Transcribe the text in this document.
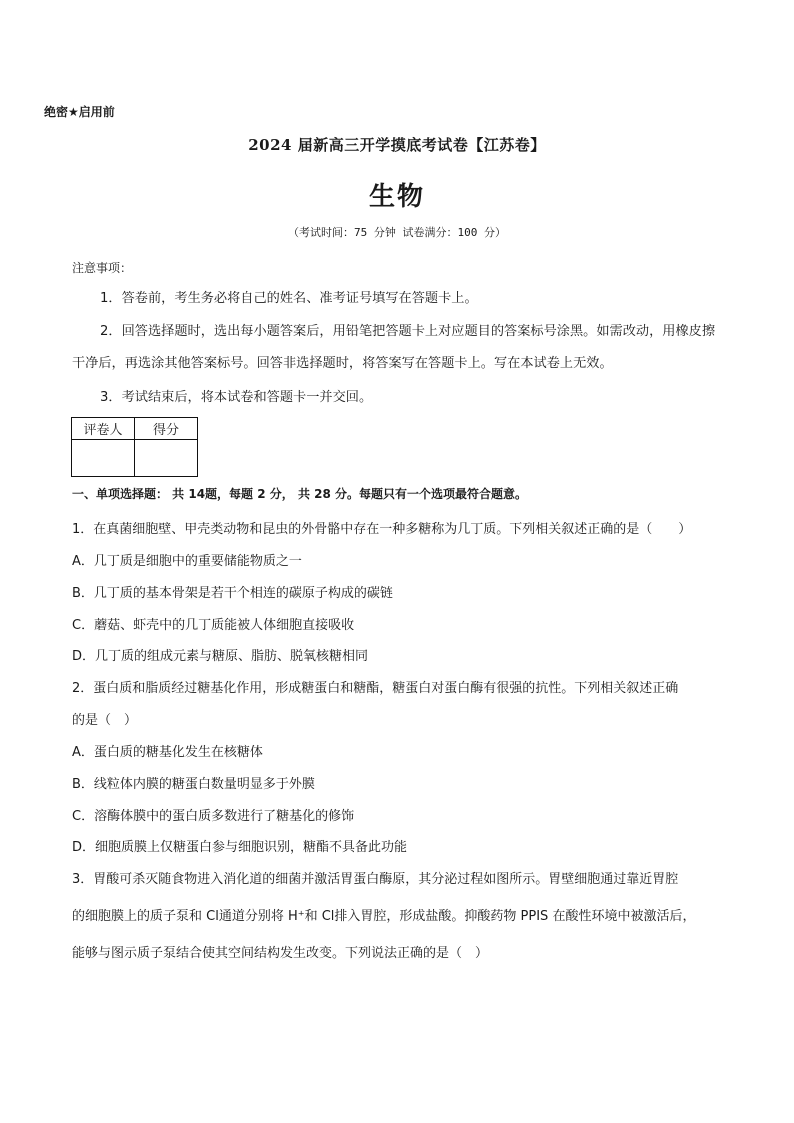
绝密★启用前
2024 届新高三开学摸底考试卷【江苏卷】
生物
（考试时间：75 分钟 试卷满分：100 分）
注意事项：

1．答卷前，考生务必将自己的姓名、准考证号填写在答题卡上。

2．回答选择题时，选出每小题答案后，用铅笔把答题卡上对应题目的答案标号涂黑。如需改动，用橡皮擦干净后，再选涂其他答案标号。回答非选择题时，将答案写在答题卡上。写在本试卷上无效。

3．考试结束后，将本试卷和答题卡一并交回。

评卷人	得分

一、单项选择题： 共 14题，每题 2 分， 共 28 分。每题只有一个选项最符合题意。
1．在真菌细胞壁、甲壳类动物和昆虫的外骨骼中存在一种多糖称为几丁质。下列相关叙述正确的是（　　）
A．几丁质是细胞中的重要储能物质之一
B．几丁质的基本骨架是若干个相连的碳原子构成的碳链
C．蘑菇、虾壳中的几丁质能被人体细胞直接吸收
D．几丁质的组成元素与糖原、脂肪、脱氧核糖相同
2．蛋白质和脂质经过糖基化作用，形成糖蛋白和糖酯，糖蛋白对蛋白酶有很强的抗性。下列相关叙述正确
的是（　）
A．蛋白质的糖基化发生在核糖体
B．线粒体内膜的糖蛋白数量明显多于外膜
C．溶酶体膜中的蛋白质多数进行了糖基化的修饰
D．细胞质膜上仅糖蛋白参与细胞识别，糖酯不具备此功能
3．胃酸可杀灭随食物进入消化道的细菌并激活胃蛋白酶原，其分泌过程如图所示。胃壁细胞通过靠近胃腔
的细胞膜上的质子泵和 Cl通道分别将 H⁺和 Cl排入胃腔，形成盐酸。抑酸药物 PPIS 在酸性环境中被激活后，
能够与图示质子泵结合使其空间结构发生改变。下列说法正确的是（　）
